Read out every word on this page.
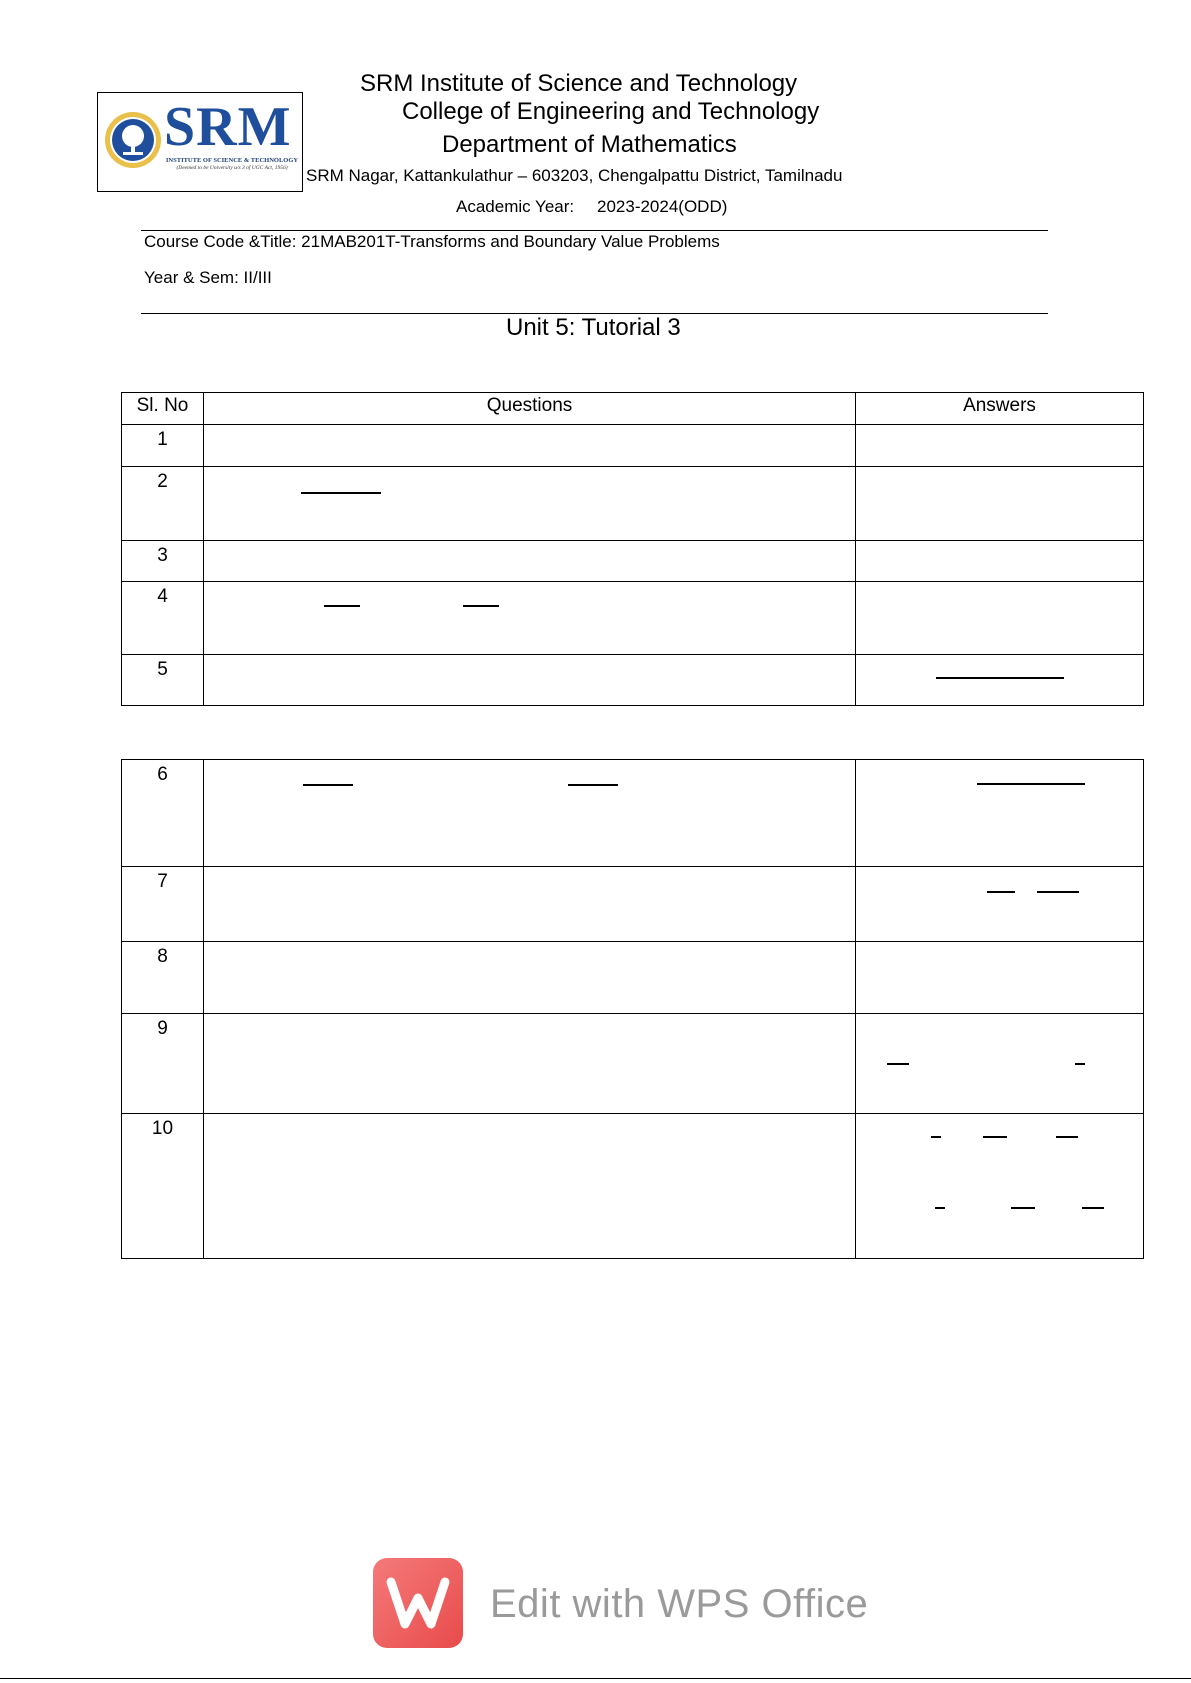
SRM
INSTITUTE OF SCIENCE & TECHNOLOGY
(Deemed to be University u/s 3 of UGC Act, 1956)
SRM Institute of Science and Technology
College of Engineering and Technology
Department of Mathematics
SRM Nagar, Kattankulathur – 603203, Chengalpattu District, Tamilnadu
Academic Year: 2023-2024(ODD)
Course Code &Title: 21MAB201T-Transforms and Boundary Value Problems
Year & Sem: II/III
Unit 5: Tutorial 3
Sl. No	Questions	Answers
1		
2	

3		
4	

5		
6	

7		

8		
9		

10		
Edit with WPS Office
